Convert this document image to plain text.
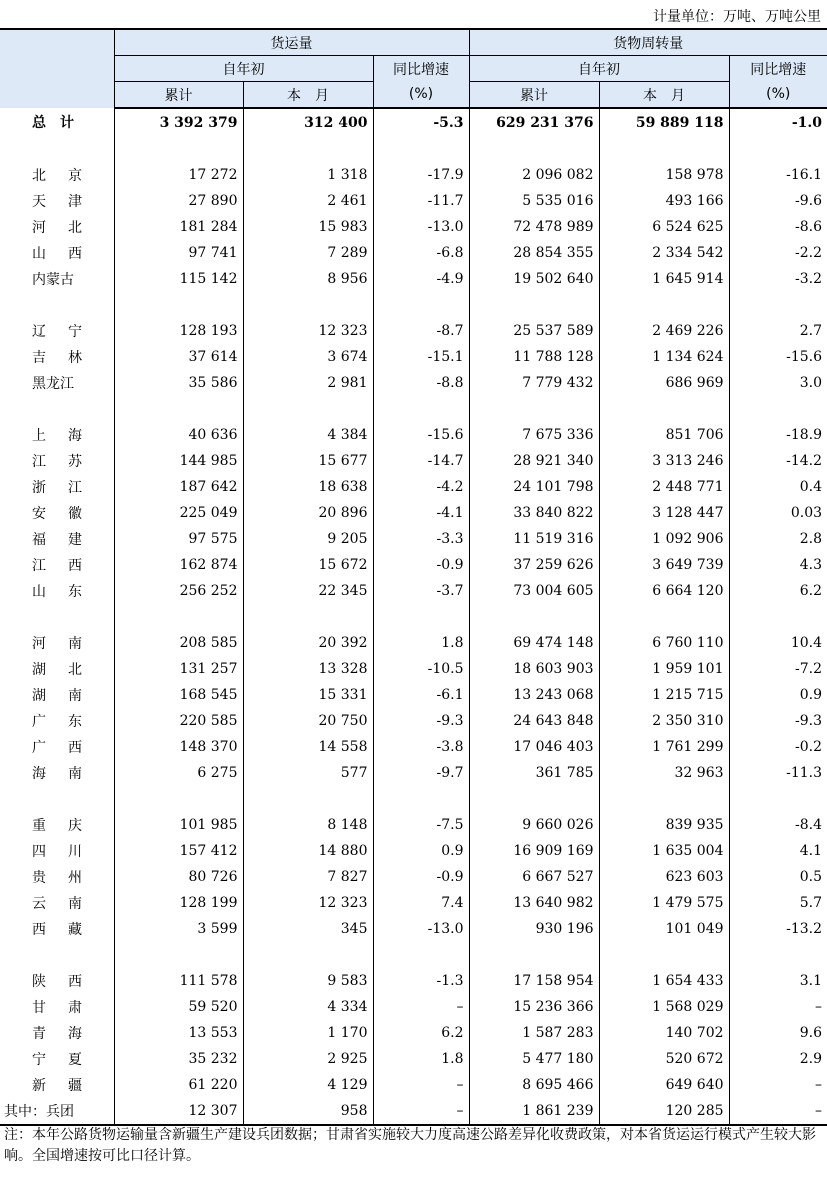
计量单位：万吨、万吨公里
	货运量			货物周转量		
	自年初		同比增速	自年初		同比增速
	累计	本　月	(%)	累计	本　月	(%)
总　计	3 392 379	312 400	-5.3	629 231 376	59 889 118	-1.0

北京	17 272	1 318	-17.9	2 096 082	158 978	-16.1
天津	27 890	2 461	-11.7	5 535 016	493 166	-9.6
河北	181 284	15 983	-13.0	72 478 989	6 524 625	-8.6
山西	97 741	7 289	-6.8	28 854 355	2 334 542	-2.2
内蒙古	115 142	8 956	-4.9	19 502 640	1 645 914	-3.2

辽宁	128 193	12 323	-8.7	25 537 589	2 469 226	2.7
吉林	37 614	3 674	-15.1	11 788 128	1 134 624	-15.6
黑龙江	35 586	2 981	-8.8	7 779 432	686 969	3.0

上海	40 636	4 384	-15.6	7 675 336	851 706	-18.9
江苏	144 985	15 677	-14.7	28 921 340	3 313 246	-14.2
浙江	187 642	18 638	-4.2	24 101 798	2 448 771	0.4
安徽	225 049	20 896	-4.1	33 840 822	3 128 447	0.03
福建	97 575	9 205	-3.3	11 519 316	1 092 906	2.8
江西	162 874	15 672	-0.9	37 259 626	3 649 739	4.3
山东	256 252	22 345	-3.7	73 004 605	6 664 120	6.2

河南	208 585	20 392	1.8	69 474 148	6 760 110	10.4
湖北	131 257	13 328	-10.5	18 603 903	1 959 101	-7.2
湖南	168 545	15 331	-6.1	13 243 068	1 215 715	0.9
广东	220 585	20 750	-9.3	24 643 848	2 350 310	-9.3
广西	148 370	14 558	-3.8	17 046 403	1 761 299	-0.2
海南	6 275	577	-9.7	361 785	32 963	-11.3

重庆	101 985	8 148	-7.5	9 660 026	839 935	-8.4
四川	157 412	14 880	0.9	16 909 169	1 635 004	4.1
贵州	80 726	7 827	-0.9	6 667 527	623 603	0.5
云南	128 199	12 323	7.4	13 640 982	1 479 575	5.7
西藏	3 599	345	-13.0	930 196	101 049	-13.2

陕西	111 578	9 583	-1.3	17 158 954	1 654 433	3.1
甘肃	59 520	4 334	–	15 236 366	1 568 029	–
青海	13 553	1 170	6.2	1 587 283	140 702	9.6
宁夏	35 232	2 925	1.8	5 477 180	520 672	2.9
新疆	61 220	4 129	–	8 695 466	649 640	–
其中：兵团	12 307	958	–	1 861 239	120 285	–
注：本年公路货物运输量含新疆生产建设兵团数据；甘肃省实施较大力度高速公路差异化收费政策，对本省货运运行模式产生较大影响。全国增速按可比口径计算。
